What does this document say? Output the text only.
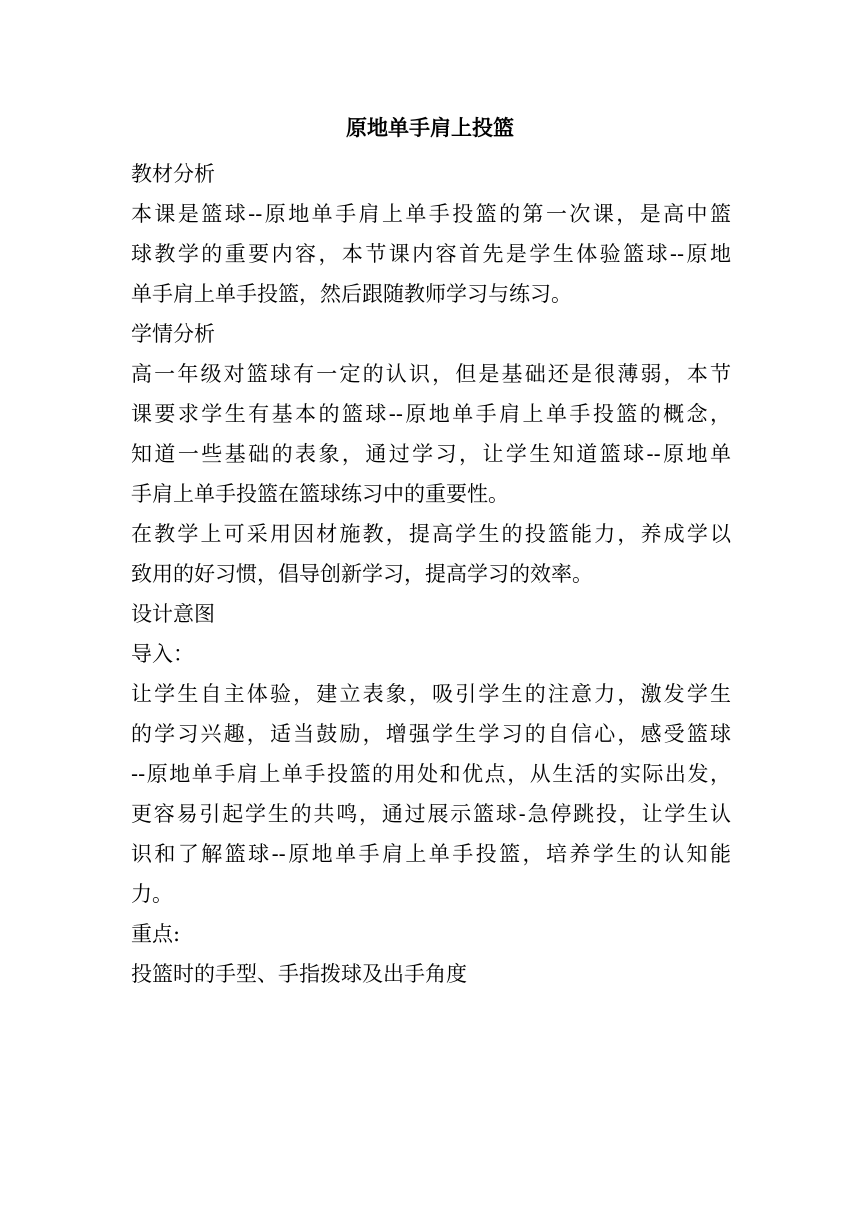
原地单手肩上投篮
教材分析
本课是篮球--原地单手肩上单手投篮的第一次课，是高中篮
球教学的重要内容，本节课内容首先是学生体验篮球--原地
单手肩上单手投篮，然后跟随教师学习与练习。
学情分析
高一年级对篮球有一定的认识，但是基础还是很薄弱，本节
课要求学生有基本的篮球--原地单手肩上单手投篮的概念，
知道一些基础的表象，通过学习，让学生知道篮球--原地单
手肩上单手投篮在篮球练习中的重要性。
在教学上可采用因材施教，提高学生的投篮能力，养成学以
致用的好习惯，倡导创新学习，提高学习的效率。
设计意图
导入：
让学生自主体验，建立表象，吸引学生的注意力，激发学生
的学习兴趣，适当鼓励，增强学生学习的自信心，感受篮球
--原地单手肩上单手投篮的用处和优点，从生活的实际出发，
更容易引起学生的共鸣，通过展示篮球-急停跳投，让学生认
识和了解篮球--原地单手肩上单手投篮，培养学生的认知能
力。
重点:
投篮时的手型、手指拨球及出手角度
